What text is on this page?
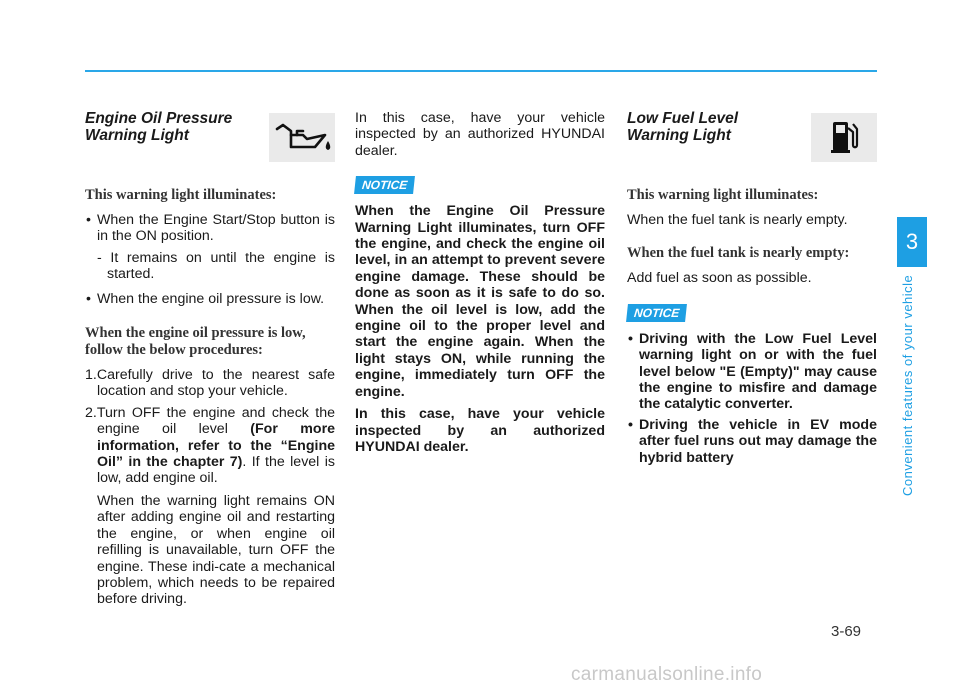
Engine Oil Pressure
Warning Light

This warning light illuminates:

• When the Engine Start/Stop button is in the ON position.

- It remains on until the engine is started.

• When the engine oil pressure is low.

When the engine oil pressure is low, follow the below procedures:

1.Carefully drive to the nearest safe location and stop your vehicle.

2.Turn OFF the engine and check the engine oil level (For more information, refer to the “Engine Oil” in the chapter 7). If the level is low, add engine oil.

When the warning light remains ON after adding engine oil and restarting the engine, or when engine oil refilling is unavailable, turn OFF the engine. These indi-cate a mechanical problem, which needs to be repaired before driving.

In this case, have your vehicle inspected by an authorized HYUNDAI dealer.

NOTICE

When the Engine Oil Pressure Warning Light illuminates, turn OFF the engine, and check the engine oil level, in an attempt to prevent severe engine damage. These should be done as soon as it is safe to do so. When the oil level is low, add the engine oil to the proper level and start the engine again. When the light stays ON, while running the engine, immediately turn OFF the engine.

In this case, have your vehicle inspected by an authorized HYUNDAI dealer.

Low Fuel Level
Warning Light

This warning light illuminates:

When the fuel tank is nearly empty.

When the fuel tank is nearly empty:

Add fuel as soon as possible.

NOTICE
• Driving with the Low Fuel Level warning light on or with the fuel level below "E (Empty)" may cause the engine to misfire and damage the catalytic converter.
• Driving the vehicle in EV mode after fuel runs out may damage the hybrid battery
3
Convenient features of your vehicle
3-69
carmanualsonline.info
